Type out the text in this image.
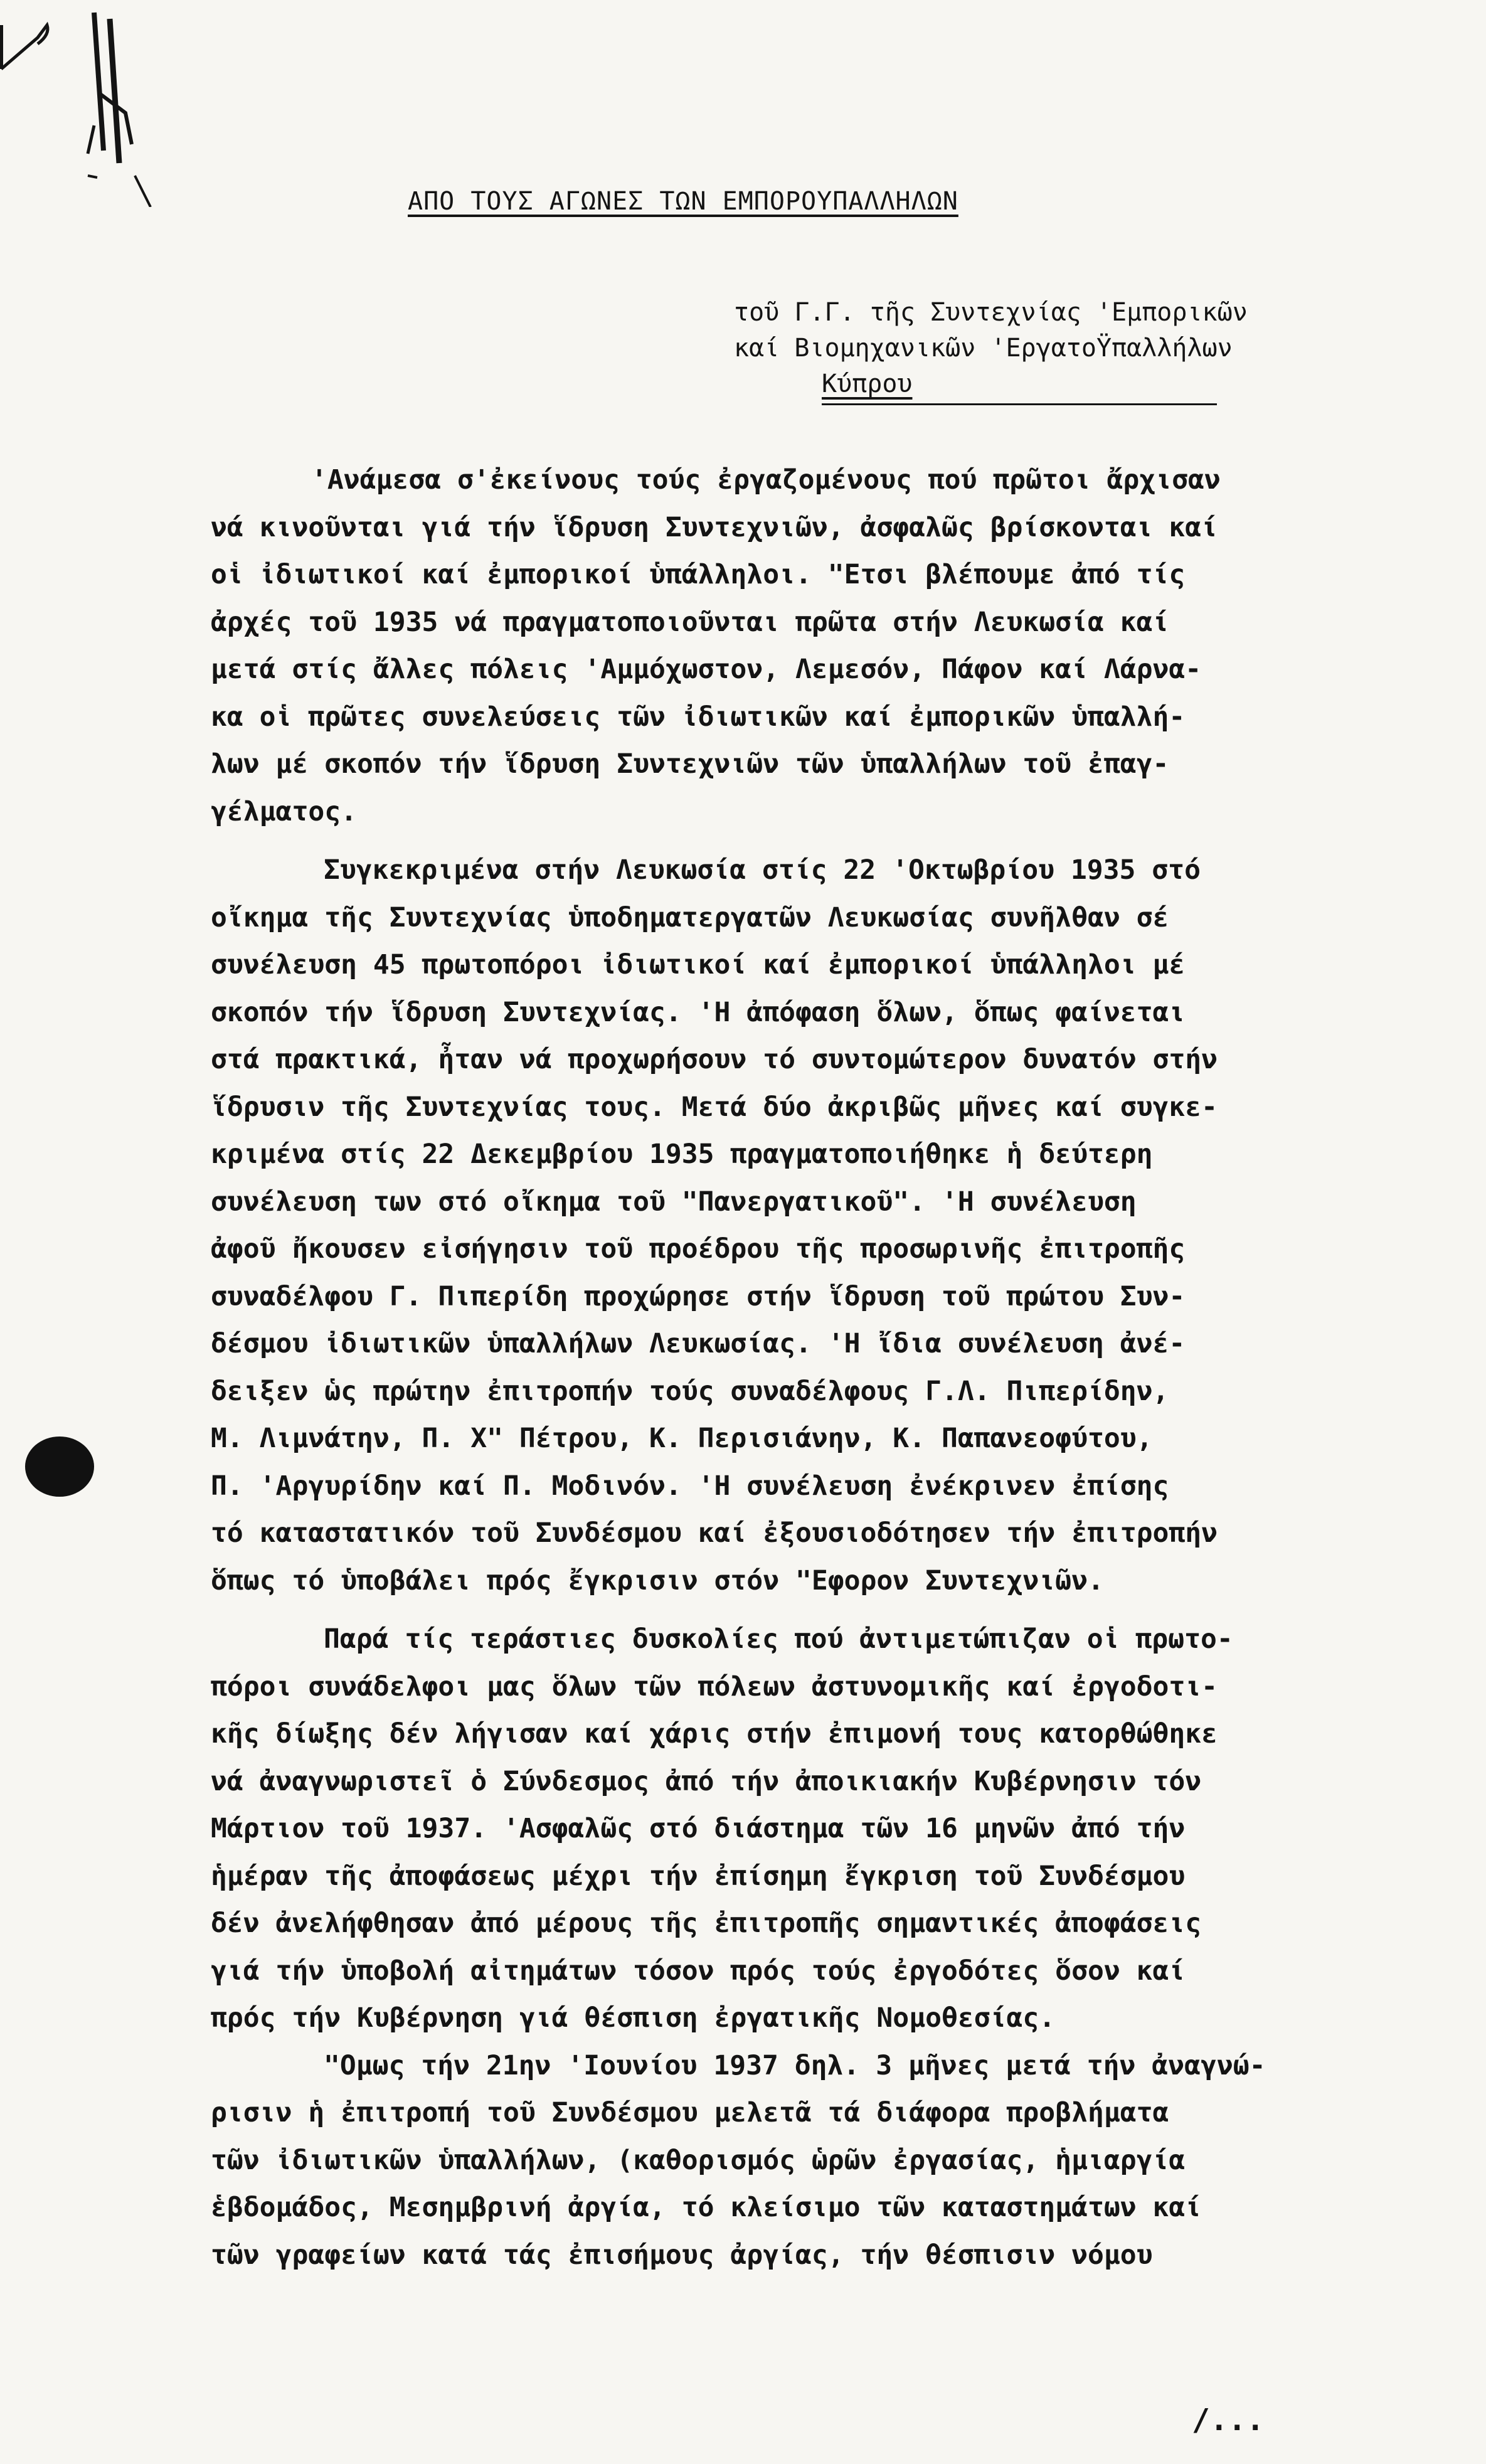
ΑΠΟ ΤΟΥΣ ΑΓΩΝΕΣ ΤΩΝ ΕΜΠΟΡΟΥΠΑΛΛΗΛΩΝ
τοῦ Γ.Γ. τῆς Συντεχνίας 'Εμπορικῶν
καί Βιομηχανικῶν 'ΕργατοΫπαλλήλων
Κύπρου

'Ανάμεσα σ'ἐκείνους τούς ἐργαζομένους πού πρῶτοι ἄρχισαν
νά κινοῦνται γιά τήν ἵδρυση Συντεχνιῶν, ἀσφαλῶς βρίσκονται καί
οἱ ἰδιωτικοί καί ἐμπορικοί ὑπάλληλοι. "Ετσι βλέπουμε ἀπό τίς
ἀρχές τοῦ 1935 νά πραγματοποιοῦνται πρῶτα στήν Λευκωσία καί
μετά στίς ἄλλες πόλεις 'Αμμόχωστον, Λεμεσόν, Πάφον καί Λάρνα-
κα οἱ πρῶτες συνελεύσεις τῶν ἰδιωτικῶν καί ἐμπορικῶν ὑπαλλή-
λων μέ σκοπόν τήν ἵδρυση Συντεχνιῶν τῶν ὑπαλλήλων τοῦ ἐπαγ-
γέλματος.

Συγκεκριμένα στήν Λευκωσία στίς 22 'Οκτωβρίου 1935 στό
οἴκημα τῆς Συντεχνίας ὑποδηματεργατῶν Λευκωσίας συνῆλθαν σέ
συνέλευση 45 πρωτοπόροι ἰδιωτικοί καί ἐμπορικοί ὑπάλληλοι μέ
σκοπόν τήν ἵδρυση Συντεχνίας. 'Η ἀπόφαση ὅλων, ὅπως φαίνεται
στά πρακτικά, ἦταν νά προχωρήσουν τό συντομώτερον δυνατόν στήν
ἵδρυσιν τῆς Συντεχνίας τους. Μετά δύο ἀκριβῶς μῆνες καί συγκε-
κριμένα στίς 22 Δεκεμβρίου 1935 πραγματοποιήθηκε ἡ δεύτερη
συνέλευση των στό οἴκημα τοῦ "Πανεργατικοῦ". 'Η συνέλευση
ἀφοῦ ἤκουσεν εἰσήγησιν τοῦ προέδρου τῆς προσωρινῆς ἐπιτροπῆς
συναδέλφου Γ. Πιπερίδη προχώρησε στήν ἵδρυση τοῦ πρώτου Συν-
δέσμου ἰδιωτικῶν ὑπαλλήλων Λευκωσίας. 'Η ἴδια συνέλευση ἀνέ-
δειξεν ὡς πρώτην ἐπιτροπήν τούς συναδέλφους Γ.Λ. Πιπερίδην,
Μ. Λιμνάτην, Π. Χ" Πέτρου, Κ. Περισιάνην, Κ. Παπανεοφύτου,
Π. 'Αργυρίδην καί Π. Μοδινόν. 'Η συνέλευση ἐνέκρινεν ἐπίσης
τό καταστατικόν τοῦ Συνδέσμου καί ἐξουσιοδότησεν τήν ἐπιτροπήν
ὅπως τό ὑποβάλει πρός ἔγκρισιν στόν "Εφορον Συντεχνιῶν.

Παρά τίς τεράστιες δυσκολίες πού ἀντιμετώπιζαν οἱ πρωτο-
πόροι συνάδελφοι μας ὅλων τῶν πόλεων ἀστυνομικῆς καί ἐργοδοτι-
κῆς δίωξης δέν λήγισαν καί χάρις στήν ἐπιμονή τους κατορθώθηκε
νά ἀναγνωριστεῖ ὁ Σύνδεσμος ἀπό τήν ἀποικιακήν Κυβέρνησιν τόν
Μάρτιον τοῦ 1937. 'Ασφαλῶς στό διάστημα τῶν 16 μηνῶν ἀπό τήν
ἡμέραν τῆς ἀποφάσεως μέχρι τήν ἐπίσημη ἔγκριση τοῦ Συνδέσμου
δέν ἀνελήφθησαν ἀπό μέρους τῆς ἐπιτροπῆς σημαντικές ἀποφάσεις
γιά τήν ὑποβολή αἰτημάτων τόσον πρός τούς ἐργοδότες ὅσον καί
πρός τήν Κυβέρνηση γιά θέσπιση ἐργατικῆς Νομοθεσίας.

"Ομως τήν 21ην 'Ιουνίου 1937 δηλ. 3 μῆνες μετά τήν ἀναγνώ-
ρισιν ἡ ἐπιτροπή τοῦ Συνδέσμου μελετᾶ τά διάφορα προβλήματα
τῶν ἰδιωτικῶν ὑπαλλήλων, (καθορισμός ὡρῶν ἐργασίας, ἡμιαργία
ἑβδομάδος, Μεσημβρινή ἀργία, τό κλείσιμο τῶν καταστημάτων καί
τῶν γραφείων κατά τάς ἐπισήμους ἀργίας, τήν θέσπισιν νόμου

/...
